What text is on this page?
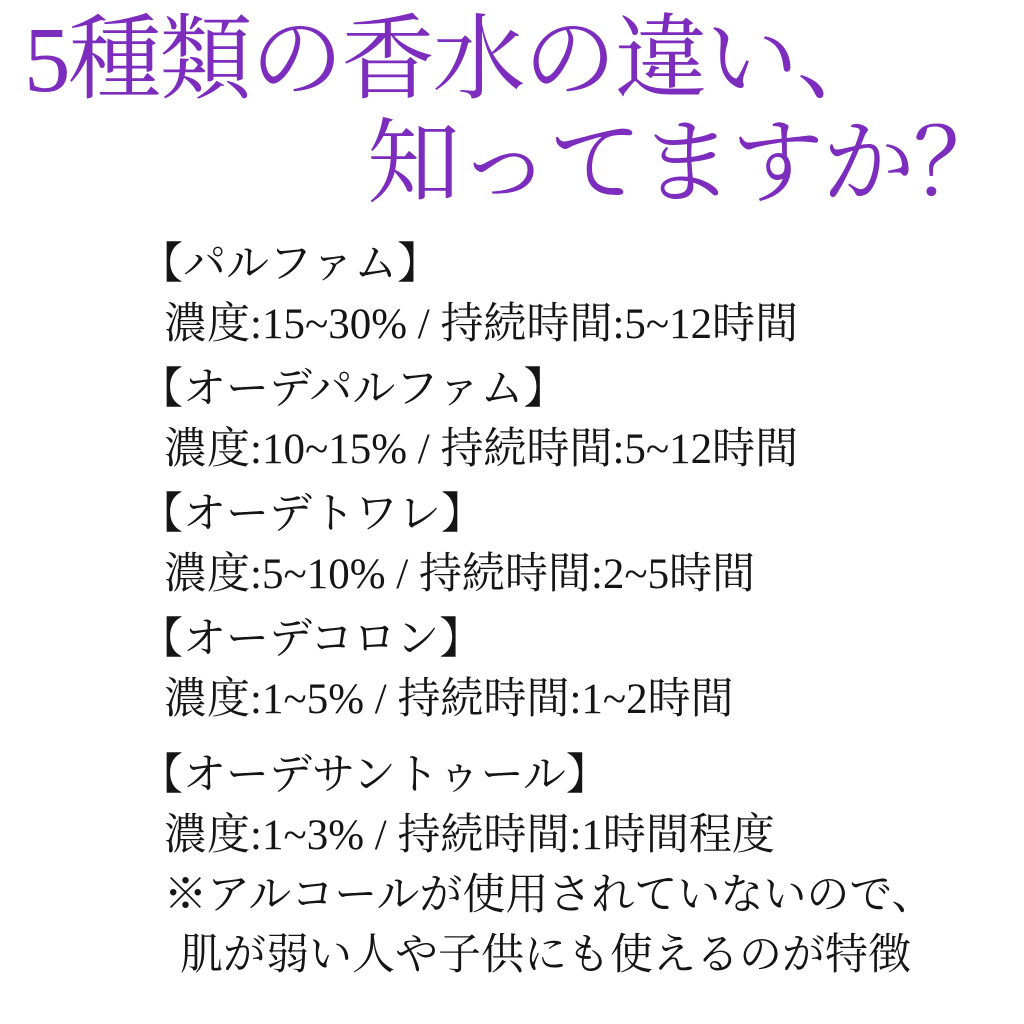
5種類の香水の違い、
知ってますか？
【パルファム】
濃度:15~30% / 持続時間:5~12時間
【オーデパルファム】
濃度:10~15% / 持続時間:5~12時間
【オーデトワレ】
濃度:5~10% / 持続時間:2~5時間
【オーデコロン】
濃度:1~5% / 持続時間:1~2時間
【オーデサントゥール】
濃度:1~3% / 持続時間:1時間程度
※アルコールが使用されていないので、
肌が弱い人や子供にも使えるのが特徴
